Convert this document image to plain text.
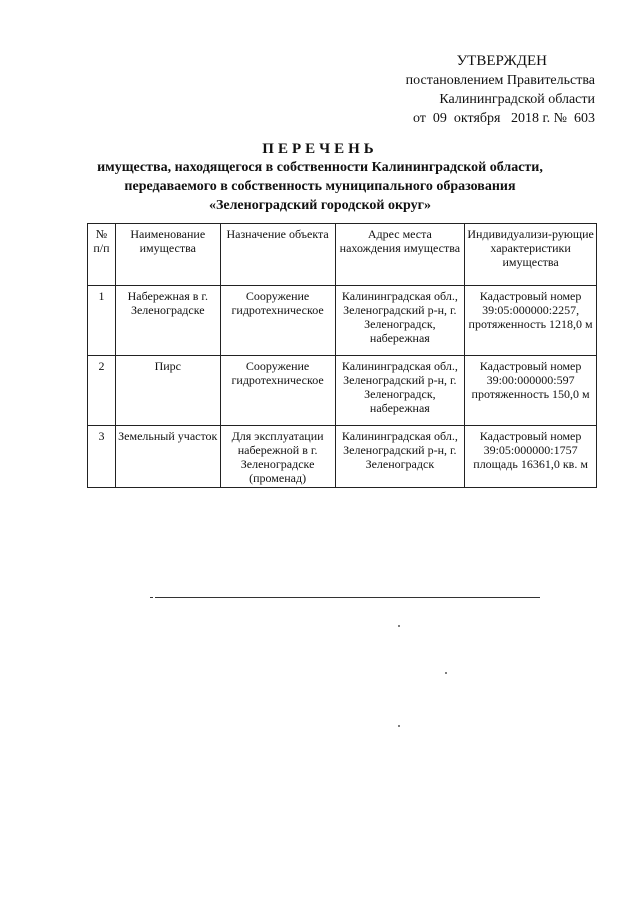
УТВЕРЖДЕН
постановлением Правительства
Калининградской области
от 09 октября 2018 г. № 603
ПЕРЕЧЕНЬ
имущества, находящегося в собственности Калининградской области,
передаваемого в собственность муниципального образования
«Зеленоградский городской округ»
№ п/п	Наименование имущества	Назначение объекта	Адрес места нахождения имущества	Индивидуализи-рующие характеристики имущества
1	Набережная в г. Зеленоградске	Сооружение гидротехническое	Калининградская обл., Зеленоградский р-н, г. Зеленоградск, набережная	Кадастровый номер 39:05:000000:2257, протяженность 1218,0 м
2	Пирс	Сооружение гидротехническое	Калининградская обл., Зеленоградский р-н, г. Зеленоградск, набережная	Кадастровый номер 39:00:000000:597 протяженность 150,0 м
3	Земельный участок	Для эксплуатации набережной в г. Зеленоградске (променад)	Калининградская обл., Зеленоградский р-н, г. Зеленоградск	Кадастровый номер 39:05:000000:1757 площадь 16361,0 кв. м
